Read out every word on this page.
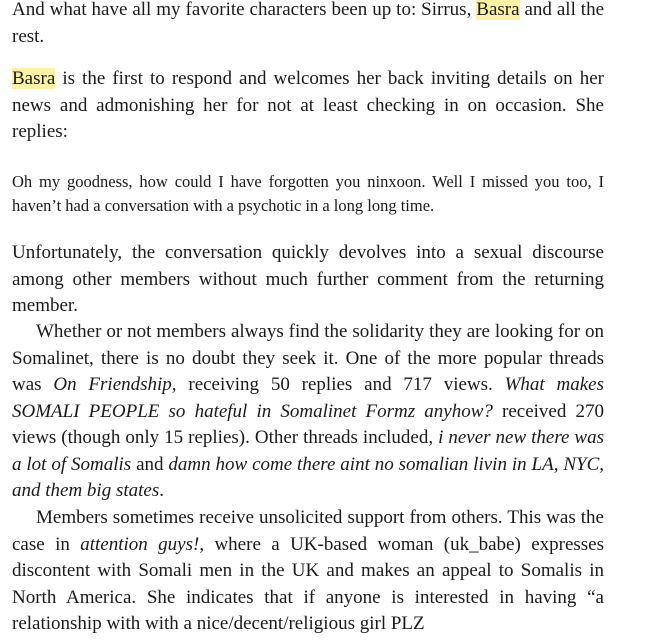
And what have all my favorite characters been up to: Sirrus, Basra and all the rest.

Basra is the first to respond and welcomes her back inviting details on her news and admonishing her for not at least checking in on occasion. She replies:

Oh my goodness, how could I have forgotten you ninxoon. Well I missed you too, I haven’t had a conversation with a psychotic in a long long time.

Unfortunately, the conversation quickly devolves into a sexual discourse among other members without much further comment from the returning member.

Whether or not members always find the solidarity they are looking for on Somalinet, there is no doubt they seek it. One of the more popular threads was On Friendship, receiving 50 replies and 717 views. What makes SOMALI PEOPLE so hateful in Somalinet Formz anyhow? received 270 views (though only 15 replies). Other threads included, i never new there was a lot of Somalis and damn how come there aint no somalian livin in LA, NYC, and them big states.

Members sometimes receive unsolicited support from others. This was the case in attention guys!, where a UK-based woman (uk_babe) expresses discontent with Somali men in the UK and makes an appeal to Somalis in North America. She indicates that if anyone is interested in having “a relationship with with a nice/decent/religious girl PLZ
